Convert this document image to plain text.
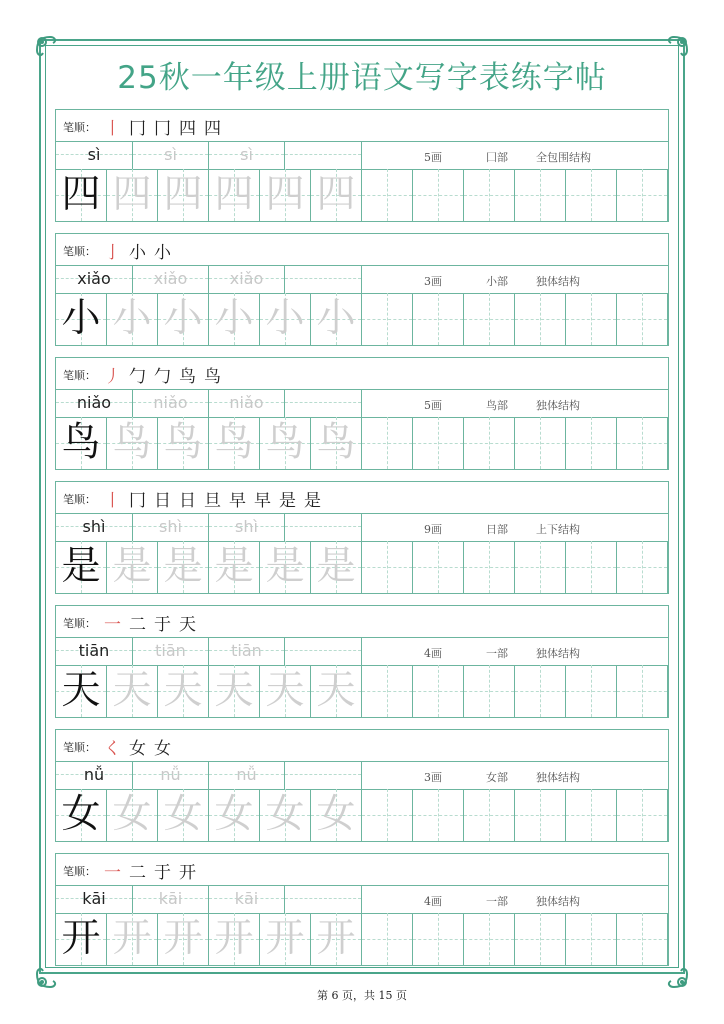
25秋一年级上册语文写字表练字帖
笔顺： 丨 冂 冂 四 四
sì	sì	sì	5画	囗部	全包围结构
四 四 四 四 四 四
笔顺： 亅 小 小
xiǎo	xiǎo	xiǎo	3画	小部	独体结构
小 小 小 小 小 小
笔顺： 丿 勹 勹 鸟 鸟
niǎo	niǎo	niǎo	5画	鸟部	独体结构
鸟 鸟 鸟 鸟 鸟 鸟
笔顺： 丨 冂 日 日 旦 早 早 是 是
shì	shì	shì	9画	日部	上下结构
是 是 是 是 是 是
笔顺： 一 二 于 天
tiān	tiān	tiān	4画	一部	独体结构
天 天 天 天 天 天
笔顺： く 女 女
nǚ	nǚ	nǚ	3画	女部	独体结构
女 女 女 女 女 女
笔顺： 一 二 于 开
kāi	kāi	kāi	4画	一部	独体结构
开 开 开 开 开 开
第 6 页，共 15 页
